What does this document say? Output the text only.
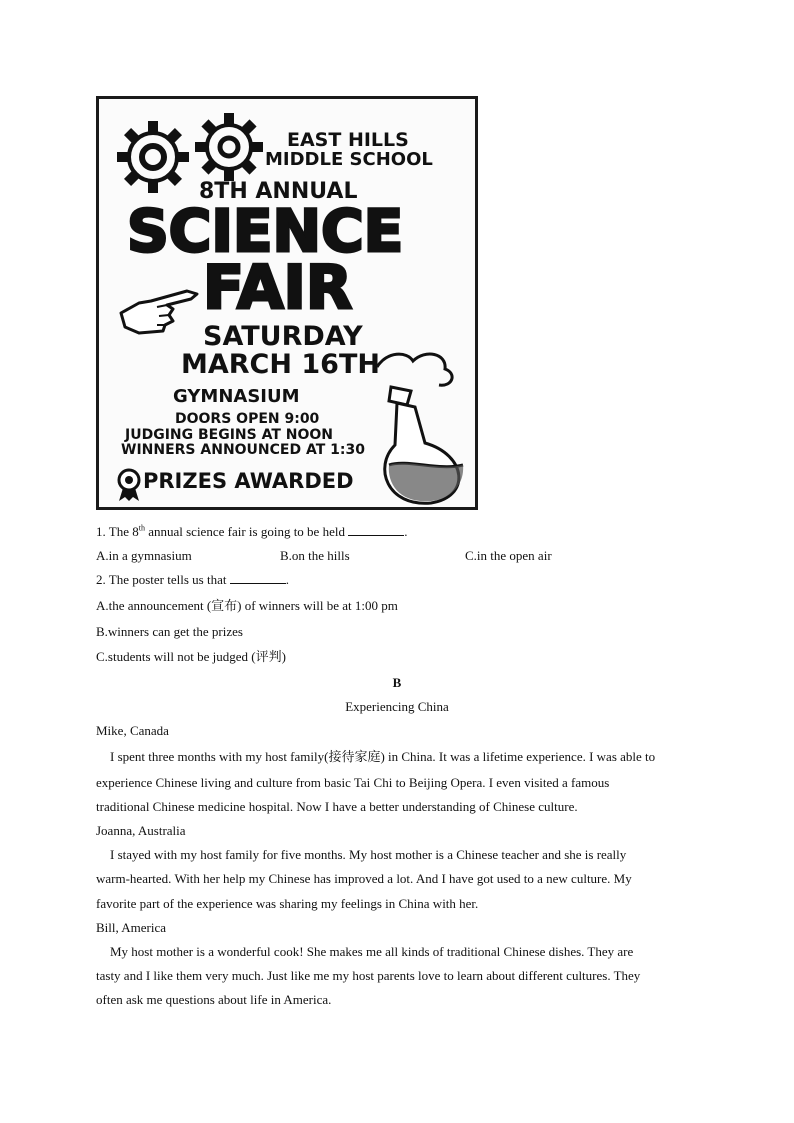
EAST HILLS
MIDDLE SCHOOL
8TH ANNUAL
SCIENCE
FAIR
SATURDAY
MARCH 16TH
GYMNASIUM
DOORS OPEN 9:00
JUDGING BEGINS AT NOON
WINNERS ANNOUNCED AT 1:30
PRIZES AWARDED
1. The 8th annual science fair is going to be held	.
A.in a gymnasium	B.on the hills	C.in the open air
2. The poster tells us that	.
A.the announcement (宣布) of winners will be at 1:00 pm
B.winners can get the prizes
C.students will not be judged (评判)
B
Experiencing China
Mike, Canada
I spent three months with my host family(接待家庭) in China. It was a lifetime experience. I was able to
experience Chinese living and culture from basic Tai Chi to Beijing Opera. I even visited a famous
traditional Chinese medicine hospital. Now I have a better understanding of Chinese culture.
Joanna, Australia
I stayed with my host family for five months. My host mother is a Chinese teacher and she is really
warm-hearted. With her help my Chinese has improved a lot. And I have got used to a new culture. My
favorite part of the experience was sharing my feelings in China with her.
Bill, America
My host mother is a wonderful cook! She makes me all kinds of traditional Chinese dishes. They are
tasty and I like them very much. Just like me my host parents love to learn about different cultures. They
often ask me questions about life in America.
